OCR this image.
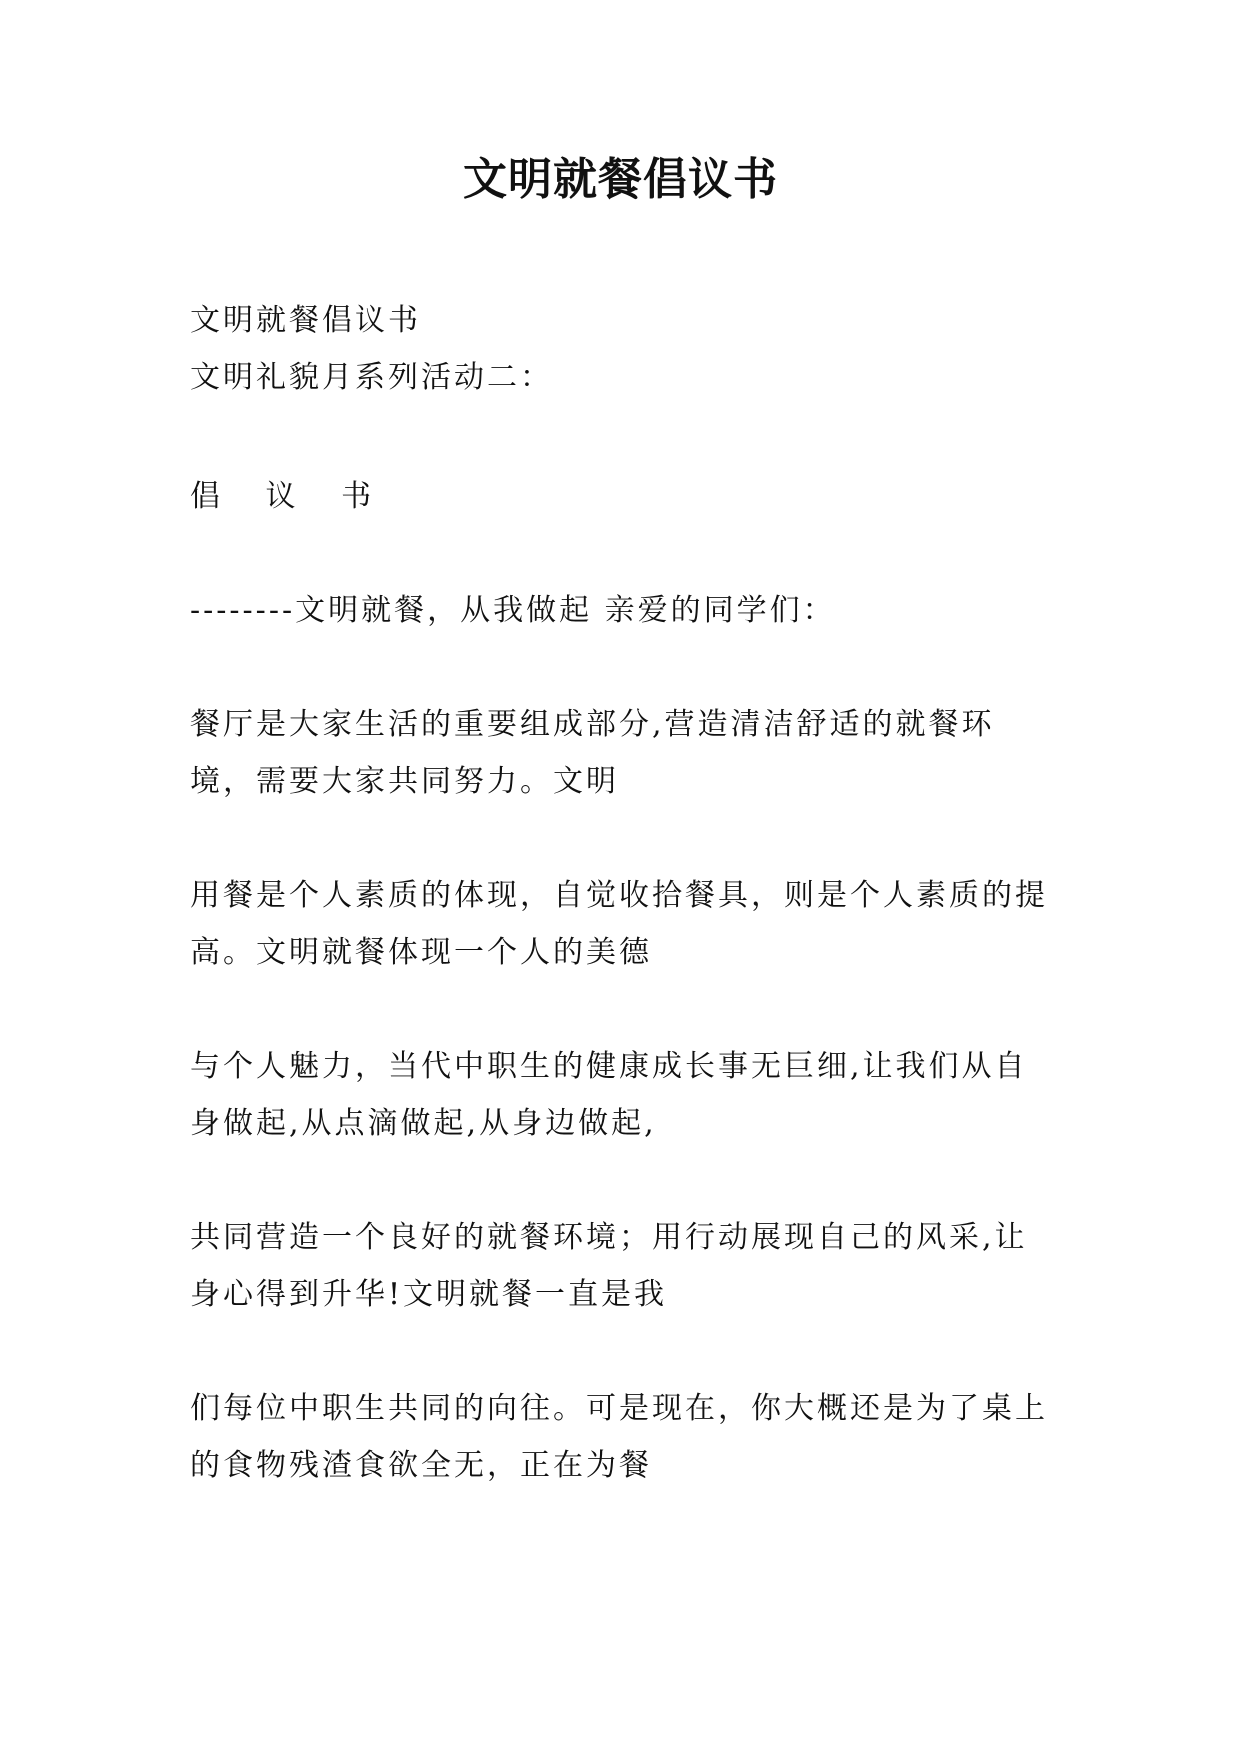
文明就餐倡议书

文明就餐倡议书

文明礼貌月系列活动二：

倡 议 书

--------文明就餐，从我做起 亲爱的同学们：

餐厅是大家生活的重要组成部分,营造清洁舒适的就餐环境，需要大家共同努力。文明

用餐是个人素质的体现，自觉收拾餐具，则是个人素质的提高。文明就餐体现一个人的美德

与个人魅力，当代中职生的健康成长事无巨细,让我们从自身做起,从点滴做起,从身边做起,

共同营造一个良好的就餐环境；用行动展现自己的风采,让身心得到升华!文明就餐一直是我

们每位中职生共同的向往。可是现在，你大概还是为了桌上的食物残渣食欲全无，正在为餐
